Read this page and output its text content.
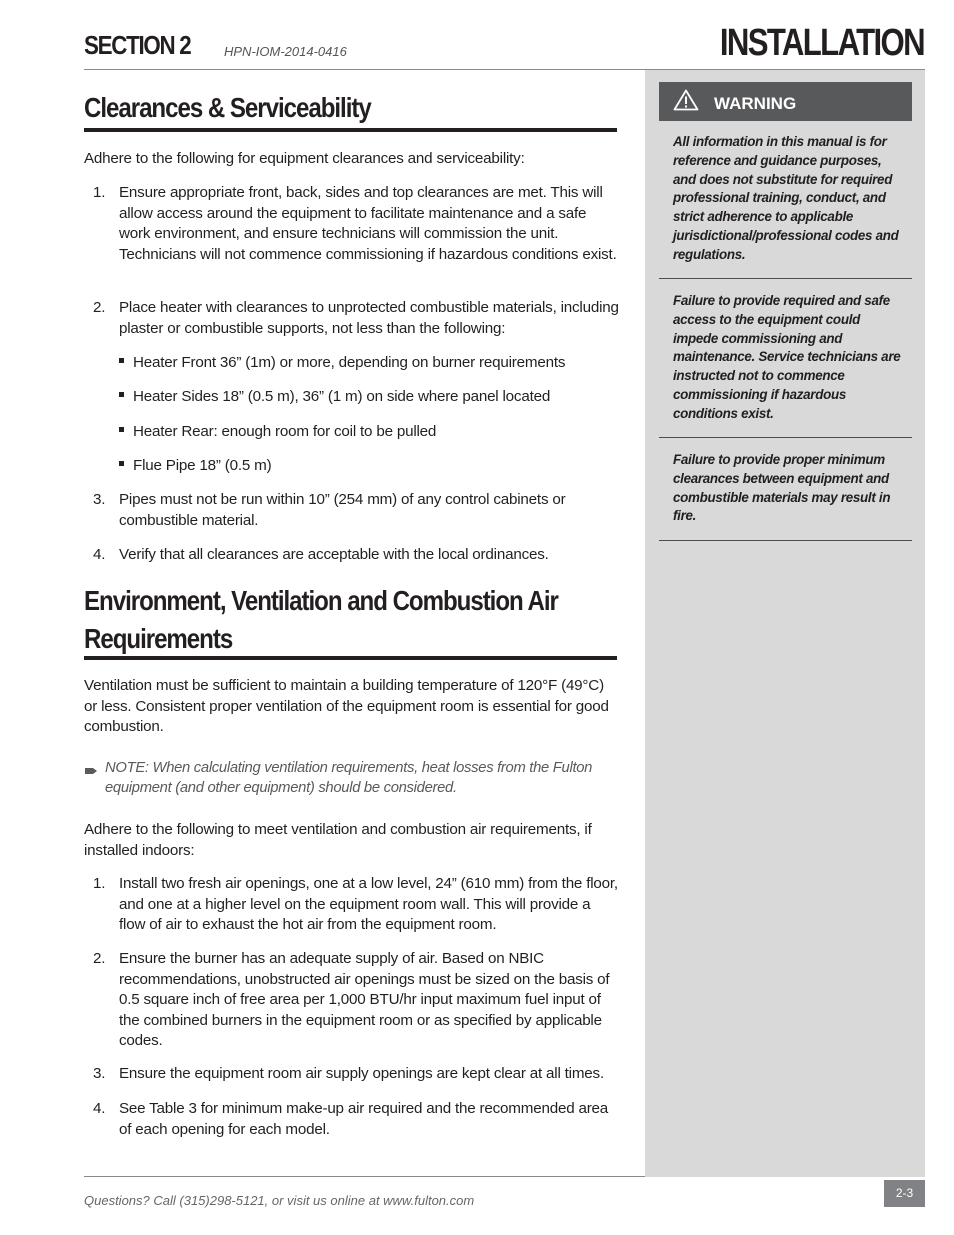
SECTION 2	HPN-IOM-2014-0416	INSTALLATION
WARNING
All information in this manual is for reference and guidance purposes, and does not substitute for required professional training, conduct, and strict adherence to applicable jurisdictional/professional codes and regulations.
Failure to provide required and safe access to the equipment could impede commissioning and maintenance. Service technicians are instructed not to commence commissioning if hazardous conditions exist.
Failure to provide proper minimum clearances between equipment and combustible materials may result in fire.
Clearances & Serviceability
Adhere to the following for equipment clearances and serviceability:
1. Ensure appropriate front, back, sides and top clearances are met. This will allow access around the equipment to facilitate maintenance and a safe work environment, and ensure technicians will commission the unit. Technicians will not commence commissioning if hazardous conditions exist.
2. Place heater with clearances to unprotected combustible materials, including plaster or combustible supports, not less than the following:
Heater Front 36” (1m) or more, depending on burner requirements
Heater Sides 18” (0.5 m), 36” (1 m) on side where panel located
Heater Rear: enough room for coil to be pulled
Flue Pipe 18” (0.5 m)
3. Pipes must not be run within 10” (254 mm) of any control cabinets or combustible material.
4. Verify that all clearances are acceptable with the local ordinances.
Environment, Ventilation and Combustion Air Requirements
Ventilation must be sufficient to maintain a building temperature of 120°F (49°C) or less. Consistent proper ventilation of the equipment room is essential for good combustion.
NOTE: When calculating ventilation requirements, heat losses from the Fulton equipment (and other equipment) should be considered.
Adhere to the following to meet ventilation and combustion air requirements, if installed indoors:
1. Install two fresh air openings, one at a low level, 24” (610 mm) from the floor, and one at a higher level on the equipment room wall. This will provide a flow of air to exhaust the hot air from the equipment room.
2. Ensure the burner has an adequate supply of air. Based on NBIC recommendations, unobstructed air openings must be sized on the basis of 0.5 square inch of free area per 1,000 BTU/hr input maximum fuel input of the combined burners in the equipment room or as specified by applicable codes.
3. Ensure the equipment room air supply openings are kept clear at all times.
4. See Table 3 for minimum make-up air required and the recommended area of each opening for each model.
Questions? Call (315)298-5121, or visit us online at www.fulton.com	2-3
